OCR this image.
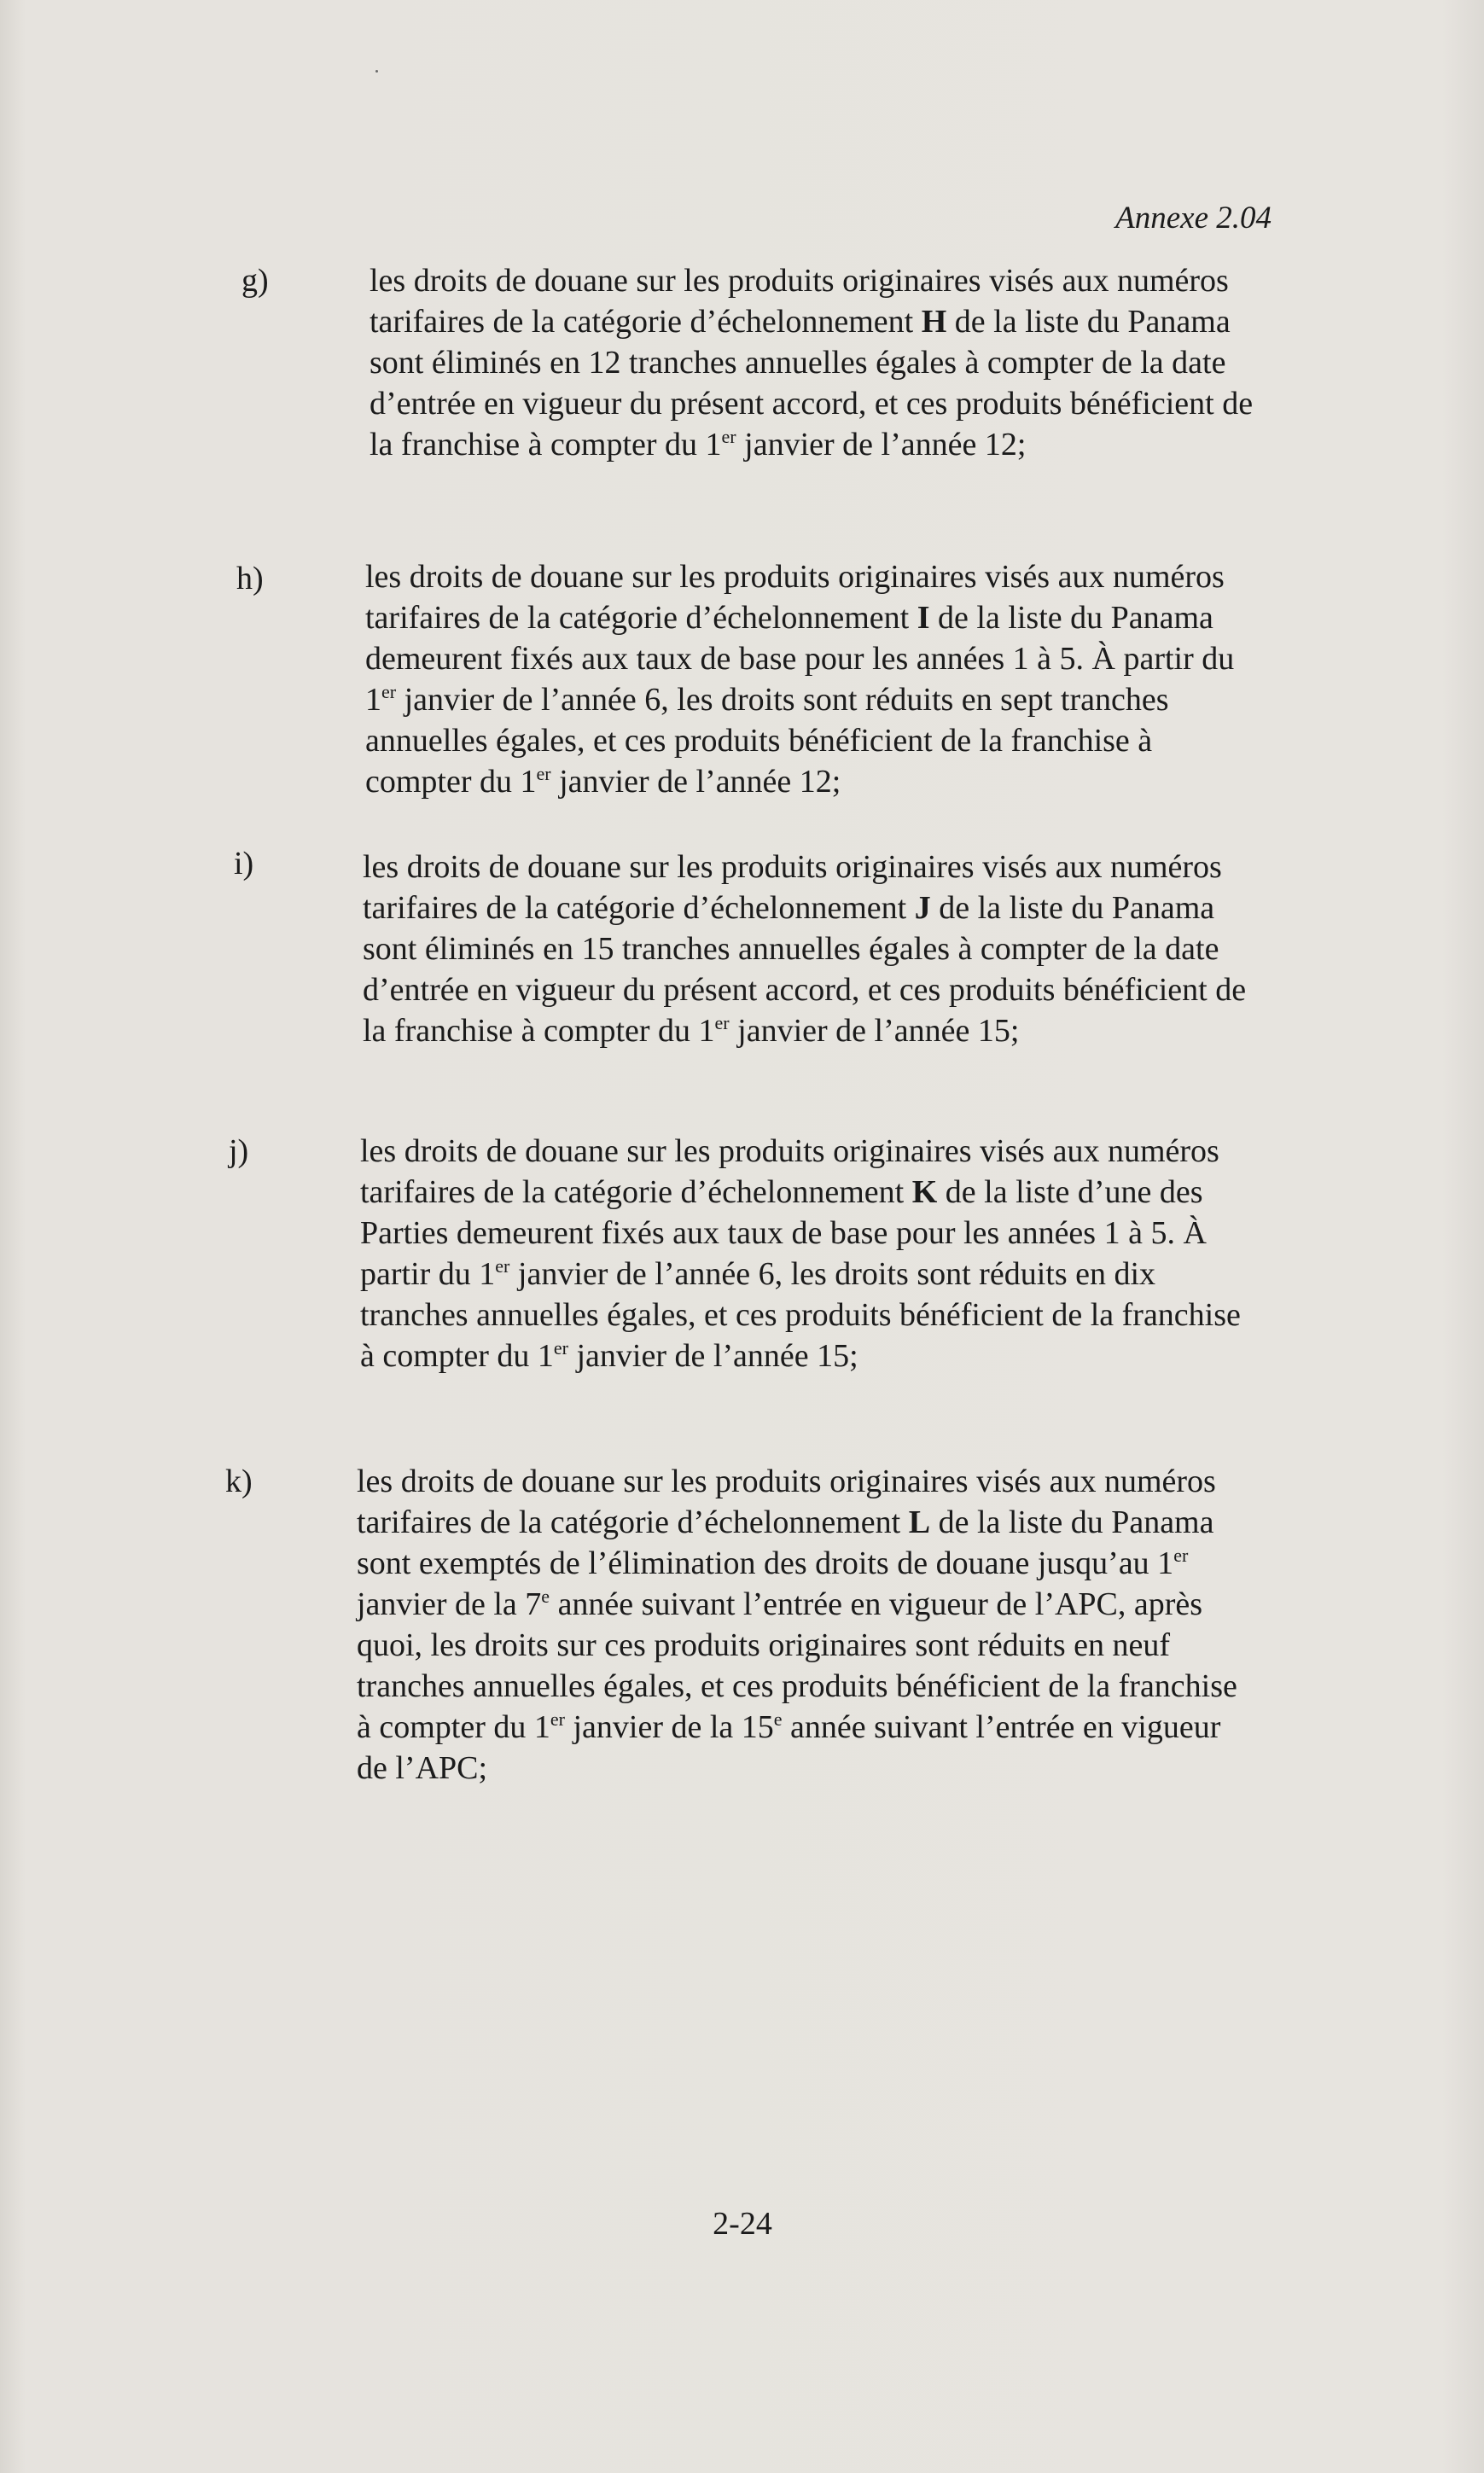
Annexe 2.04
g)	les droits de douane sur les produits originaires visés aux numéros tarifaires de la catégorie d’échelonnement H de la liste du Panama sont éliminés en 12 tranches annuelles égales à compter de la date d’entrée en vigueur du présent accord, et ces produits bénéficient de la franchise à compter du 1er janvier de l’année 12;

h)	les droits de douane sur les produits originaires visés aux numéros tarifaires de la catégorie d’échelonnement I de la liste du Panama demeurent fixés aux taux de base pour les années 1 à 5. À partir du 1er janvier de l’année 6, les droits sont réduits en sept tranches annuelles égales, et ces produits bénéficient de la franchise à compter du 1er janvier de l’année 12;

i)	les droits de douane sur les produits originaires visés aux numéros tarifaires de la catégorie d’échelonnement J de la liste du Panama sont éliminés en 15 tranches annuelles égales à compter de la date d’entrée en vigueur du présent accord, et ces produits bénéficient de la franchise à compter du 1er janvier de l’année 15;

j)	les droits de douane sur les produits originaires visés aux numéros tarifaires de la catégorie d’échelonnement K de la liste d’une des Parties demeurent fixés aux taux de base pour les années 1 à 5. À partir du 1er janvier de l’année 6, les droits sont réduits en dix tranches annuelles égales, et ces produits bénéficient de la franchise à compter du 1er janvier de l’année 15;

k)	les droits de douane sur les produits originaires visés aux numéros tarifaires de la catégorie d’échelonnement L de la liste du Panama sont exemptés de l’élimination des droits de douane jusqu’au 1er janvier de la 7e année suivant l’entrée en vigueur de l’APC, après quoi, les droits sur ces produits originaires sont réduits en neuf tranches annuelles égales, et ces produits bénéficient de la franchise à compter du 1er janvier de la 15e année suivant l’entrée en vigueur de l’APC;

2-24
